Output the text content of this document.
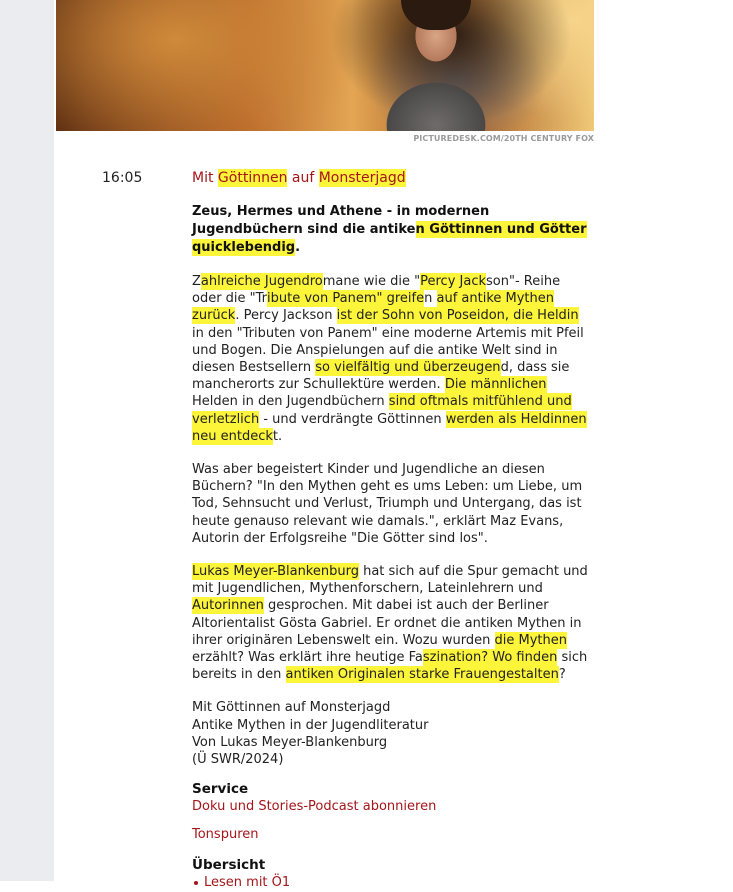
PICTUREDESK.COM/20TH CENTURY FOX
16:05	Mit Göttinnen auf Monsterjagd

Zeus, Hermes und Athene - in modernen Jugendbüchern sind die antiken Göttinnen und Götter quicklebendig.

Zahlreiche Jugendromane wie die "Percy Jackson"- Reihe oder die "Tribute von Panem" greifen auf antike Mythen zurück. Percy Jackson ist der Sohn von Poseidon, die Heldin in den "Tributen von Panem" eine moderne Artemis mit Pfeil und Bogen. Die Anspielungen auf die antike Welt sind in diesen Bestsellern so vielfältig und überzeugend, dass sie mancherorts zur Schullektüre werden. Die männlichen Helden in den Jugendbüchern sind oftmals mitfühlend und verletzlich - und verdrängte Göttinnen werden als Heldinnen neu entdeckt.

Was aber begeistert Kinder und Jugendliche an diesen Büchern? "In den Mythen geht es ums Leben: um Liebe, um Tod, Sehnsucht und Verlust, Triumph und Untergang, das ist heute genauso relevant wie damals.", erklärt Maz Evans, Autorin der Erfolgsreihe "Die Götter sind los".

Lukas Meyer-Blankenburg hat sich auf die Spur gemacht und mit Jugendlichen, Mythenforschern, Lateinlehrern und Autorinnen gesprochen. Mit dabei ist auch der Berliner Altorientalist Gösta Gabriel. Er ordnet die antiken Mythen in ihrer originären Lebenswelt ein. Wozu wurden die Mythen erzählt? Was erklärt ihre heutige Faszination? Wo finden sich bereits in den antiken Originalen starke Frauengestalten?

Mit Göttinnen auf Monsterjagd
Antike Mythen in der Jugendliteratur
Von Lukas Meyer-Blankenburg
(Ü SWR/2024)
Service
Doku und Stories-Podcast abonnieren
Tonspuren
Übersicht
Lesen mit Ö1
